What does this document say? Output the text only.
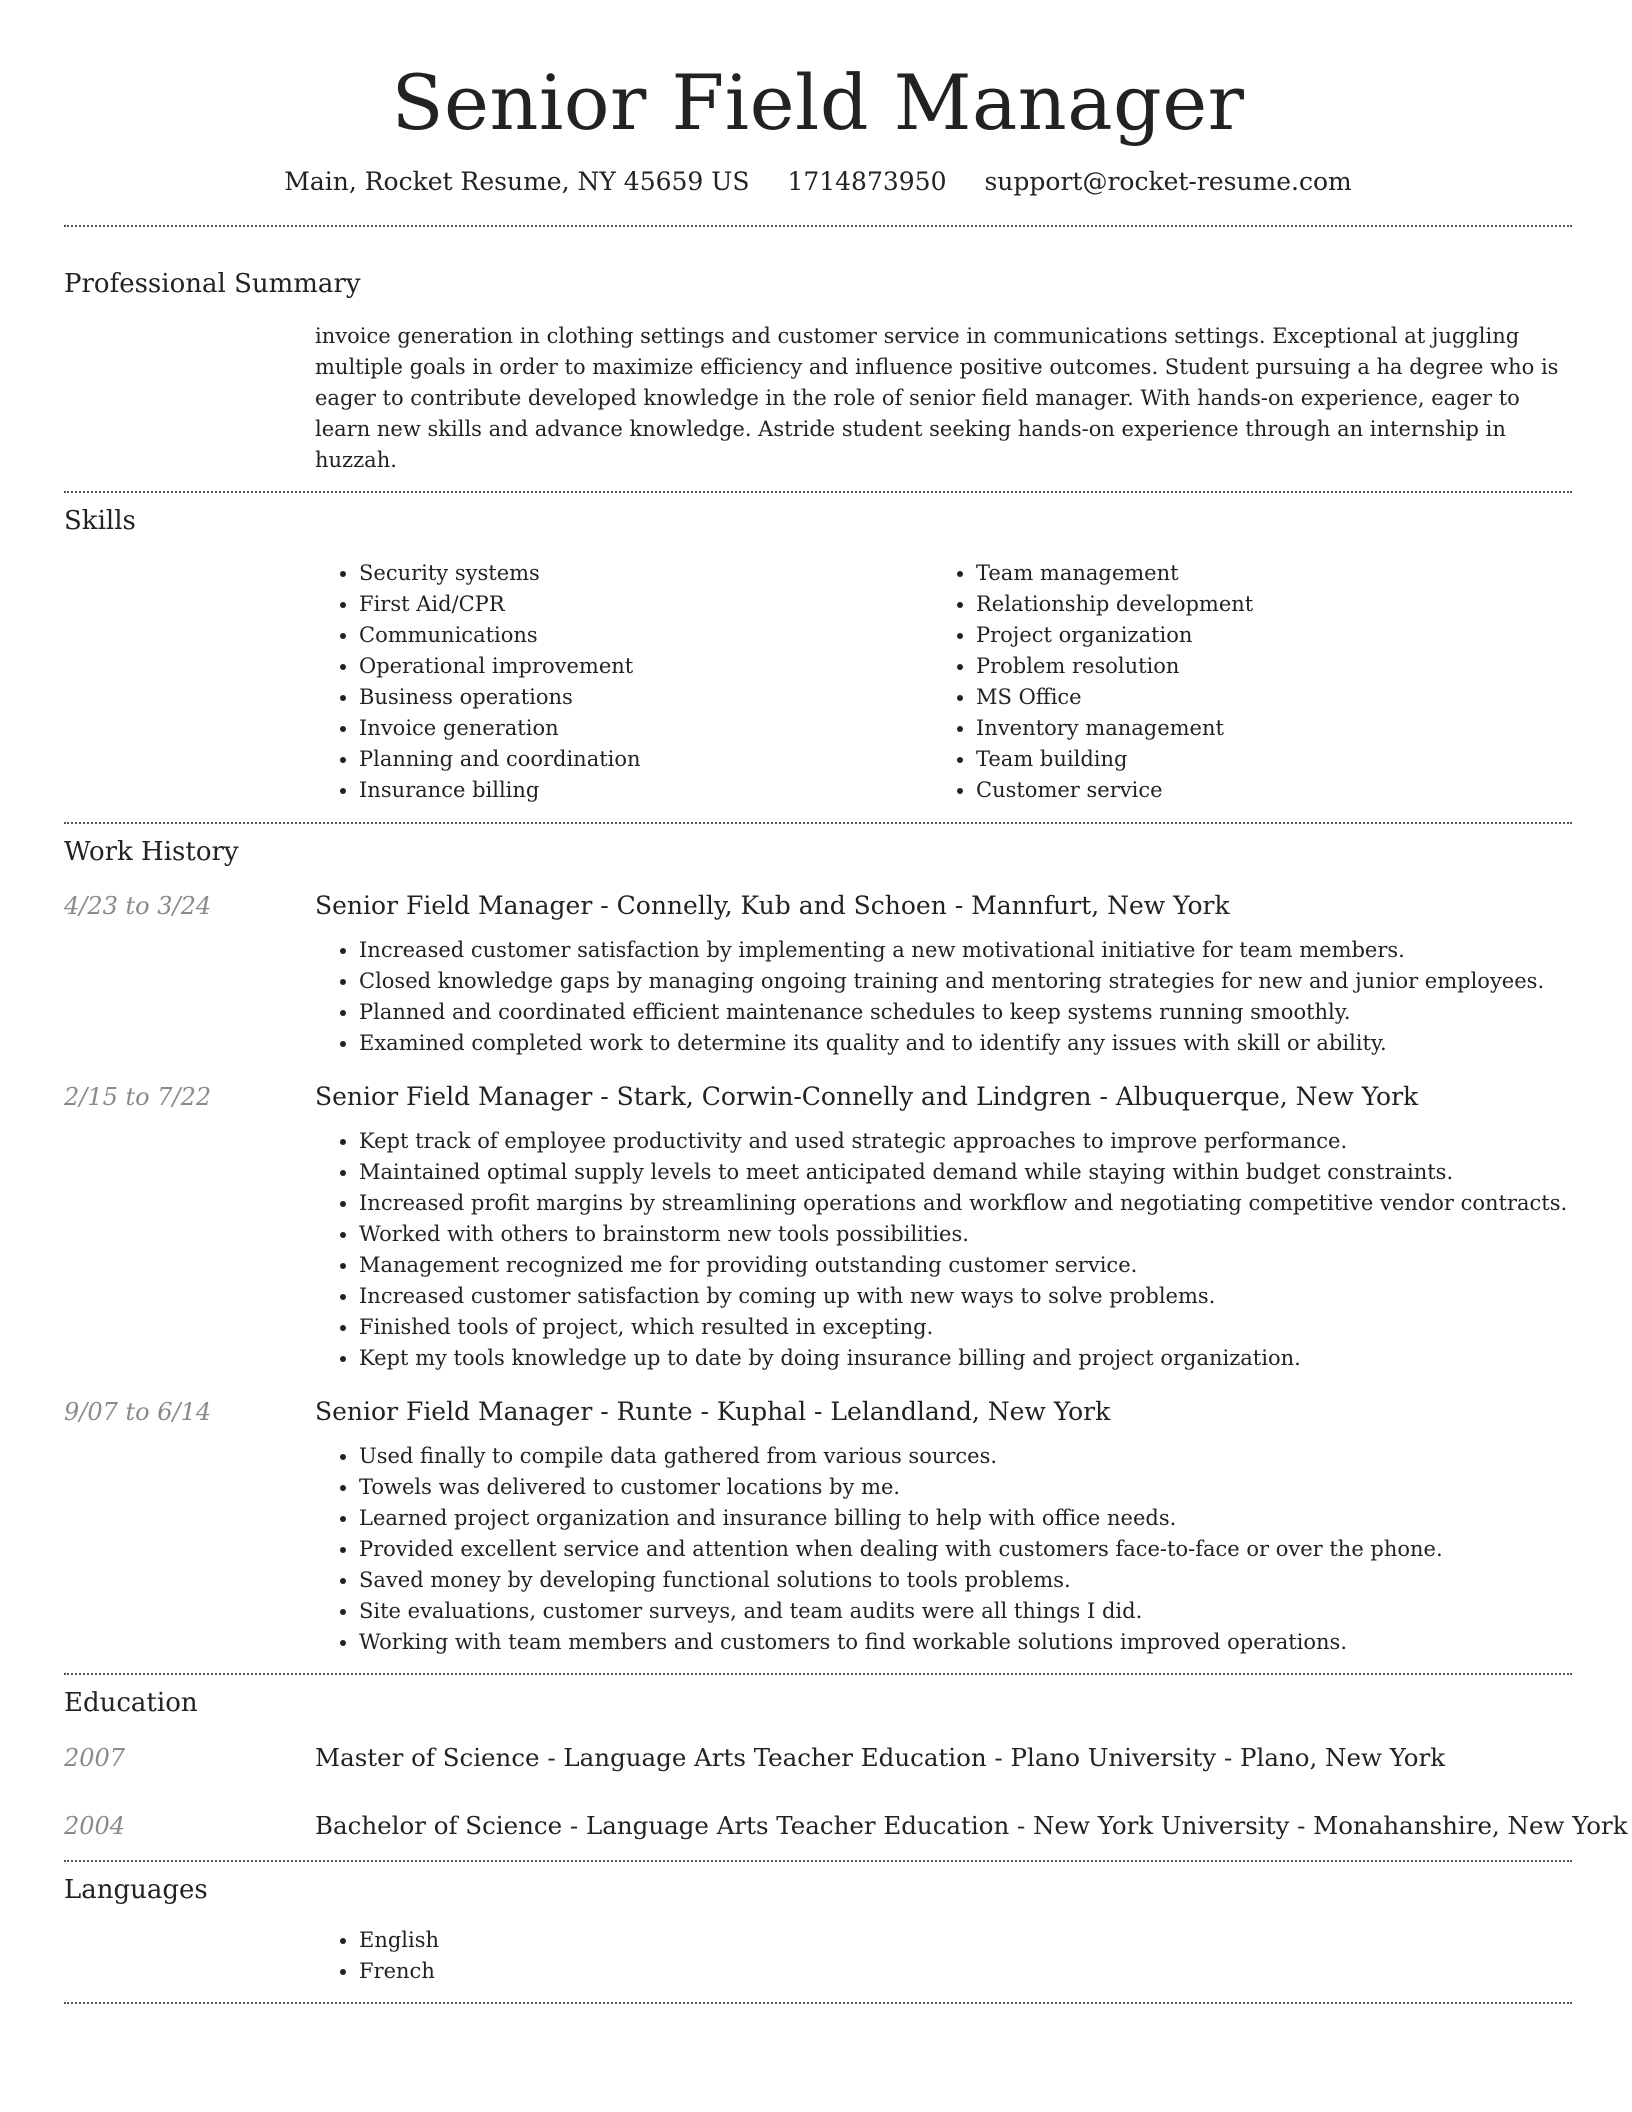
Senior Field Manager
Main, Rocket Resume, NY 45659 US 1714873950 support@rocket-resume.com
Professional Summary
invoice generation in clothing settings and customer service in communications settings. Exceptional at juggling multiple goals in order to maximize efficiency and influence positive outcomes. Student pursuing a ha degree who is eager to contribute developed knowledge in the role of senior field manager. With hands-on experience, eager to learn new skills and advance knowledge. Astride student seeking hands-on experience through an internship in huzzah.
Skills
• Security systems
• First Aid/CPR
• Communications
• Operational improvement
• Business operations
• Invoice generation
• Planning and coordination
• Insurance billing
• Team management
• Relationship development
• Project organization
• Problem resolution
• MS Office
• Inventory management
• Team building
• Customer service
Work History
4/23 to 3/24	Senior Field Manager - Connelly, Kub and Schoen - Mannfurt, New York
• Increased customer satisfaction by implementing a new motivational initiative for team members.
• Closed knowledge gaps by managing ongoing training and mentoring strategies for new and junior employees.
• Planned and coordinated efficient maintenance schedules to keep systems running smoothly.
• Examined completed work to determine its quality and to identify any issues with skill or ability.
2/15 to 7/22	Senior Field Manager - Stark, Corwin-Connelly and Lindgren - Albuquerque, New York
• Kept track of employee productivity and used strategic approaches to improve performance.
• Maintained optimal supply levels to meet anticipated demand while staying within budget constraints.
• Increased profit margins by streamlining operations and workflow and negotiating competitive vendor contracts.
• Worked with others to brainstorm new tools possibilities.
• Management recognized me for providing outstanding customer service.
• Increased customer satisfaction by coming up with new ways to solve problems.
• Finished tools of project, which resulted in excepting.
• Kept my tools knowledge up to date by doing insurance billing and project organization.
9/07 to 6/14	Senior Field Manager - Runte - Kuphal - Lelandland, New York
• Used finally to compile data gathered from various sources.
• Towels was delivered to customer locations by me.
• Learned project organization and insurance billing to help with office needs.
• Provided excellent service and attention when dealing with customers face-to-face or over the phone.
• Saved money by developing functional solutions to tools problems.
• Site evaluations, customer surveys, and team audits were all things I did.
• Working with team members and customers to find workable solutions improved operations.
Education
2007	Master of Science - Language Arts Teacher Education - Plano University - Plano, New York
2004	Bachelor of Science - Language Arts Teacher Education - New York University - Monahanshire, New York
Languages
• English
• French
